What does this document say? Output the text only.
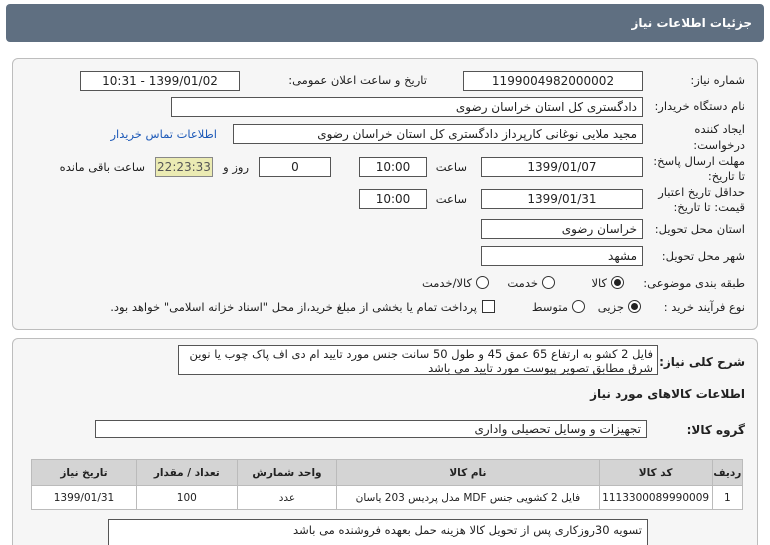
جزئیات اطلاعات نیاز
شماره نیاز:
1199004982000002
تاریخ و ساعت اعلان عمومی:
1399/01/02 - 10:31
نام دستگاه خریدار:
دادگستری کل استان خراسان رضوی
ایجاد کننده
درخواست:
مجید ملایی نوغانی کارپرداز دادگستری کل استان خراسان رضوی
اطلاعات تماس خریدار
مهلت ارسال پاسخ:
تا تاریخ:
1399/01/07
ساعت
10:00
0
روز و
22:23:33
ساعت باقی مانده
حداقل تاریخ اعتبار
قیمت: تا تاریخ:
1399/01/31
ساعت
10:00
استان محل تحویل:
خراسان رضوی
شهر محل تحویل:
مشهد
طبقه بندی موضوعی:
کالا
خدمت
کالا/خدمت
نوع فرآیند خرید :
جزیی
متوسط
پرداخت تمام یا بخشی از مبلغ خرید،از محل "اسناد خزانه اسلامی" خواهد بود.
شرح کلی نیاز:
فایل 2 کشو به ارتفاع 65 عمق 45 و طول 50 سانت جنس مورد تایید ام دی اف پاک چوب یا نوین شرق مطابق تصویر پیوست مورد تایید می باشد
اطلاعات کالاهای مورد نیاز
گروه کالا:
تجهیزات و وسایل تحصیلی واداری
ردیف	کد کالا	نام کالا	واحد شمارش	تعداد / مقدار	تاریخ نیاز
1	1113300089990009	فایل 2 کشویی جنس MDF مدل پردیس 203 یاسان	عدد	100	1399/01/31
تسویه 30روزکاری پس از تحویل کالا هزینه حمل بعهده فروشنده می باشد
